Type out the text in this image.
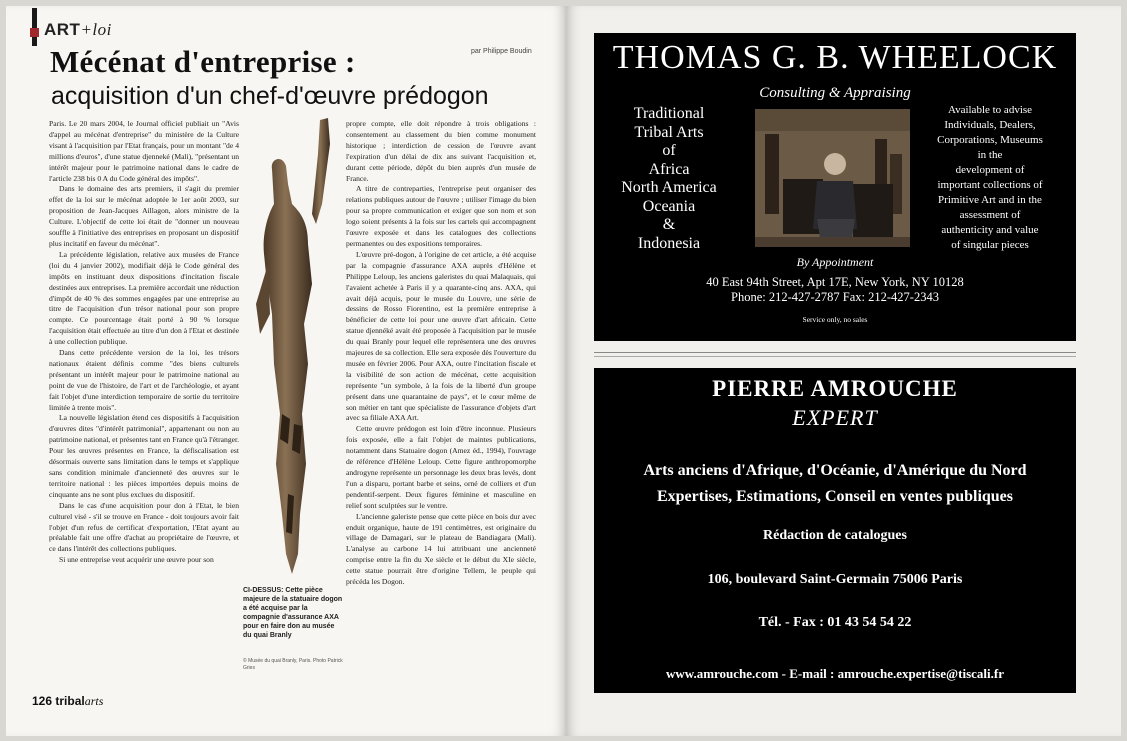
ART+loi
par Philippe Boudin
Mécénat d'entreprise :
acquisition d'un chef-d'œuvre prédogon

Paris. Le 20 mars 2004, le Journal officiel publiait un "Avis d'appel au mécénat d'entreprise" du ministère de la Culture visant à l'acquisition par l'Etat français, pour un montant "de 4 millions d'euros", d'une statue djenneké (Mali), "présentant un intérêt majeur pour le patrimoine national dans le cadre de l'article 238 bis 0 A du Code général des impôts".

Dans le domaine des arts premiers, il s'agit du premier effet de la loi sur le mécénat adoptée le 1er août 2003, sur proposition de Jean-Jacques Aillagon, alors ministre de la Culture. L'objectif de cette loi était de "donner un nouveau souffle à l'initiative des entreprises en proposant un dispositif plus incitatif en faveur du mécénat".

La précédente législation, relative aux musées de France (loi du 4 janvier 2002), modifiait déjà le Code général des impôts en instituant deux dispositions d'incitation fiscale destinées aux entreprises. La première accordait une réduction d'impôt de 40 % des sommes engagées par une entreprise au titre de l'acquisition d'un trésor national pour son propre compte. Ce pourcentage était porté à 90 % lorsque l'acquisition était effectuée au titre d'un don à l'Etat et destinée à une collection publique.

Dans cette précédente version de la loi, les trésors nationaux étaient définis comme "des biens culturels présentant un intérêt majeur pour le patrimoine national au point de vue de l'histoire, de l'art et de l'archéologie, et ayant fait l'objet d'une interdiction temporaire de sortie du territoire limitée à trente mois".

La nouvelle législation étend ces dispositifs à l'acquisition d'œuvres dites "d'intérêt patrimonial", appartenant ou non au patrimoine national, et présentes tant en France qu'à l'étranger. Pour les œuvres présentes en France, la défiscalisation est désormais ouverte sans limitation dans le temps et s'applique sans condition minimale d'ancienneté des œuvres sur le territoire national : les pièces importées depuis moins de cinquante ans ne sont plus exclues du dispositif.

Dans le cas d'une acquisition pour don à l'Etat, le bien culturel visé - s'il se trouve en France - doit toujours avoir fait l'objet d'un refus de certificat d'exportation, l'Etat ayant au préalable fait une offre d'achat au propriétaire de l'œuvre, et ce dans l'intérêt des collections publiques.

Si une entreprise veut acquérir une œuvre pour son

CI-DESSUS: Cette pièce majeure de la statuaire dogon a été acquise par la compagnie d'assurance AXA pour en faire don au musée du quai Branly
© Musée du quai Branly, Paris. Photo Patrick Gries

propre compte, elle doit répondre à trois obligations : consentement au classement du bien comme monument historique ; interdiction de cession de l'œuvre avant l'expiration d'un délai de dix ans suivant l'acquisition et, durant cette période, dépôt du bien auprès d'un musée de France.

A titre de contreparties, l'entreprise peut organiser des relations publiques autour de l'œuvre ; utiliser l'image du bien pour sa propre communication et exiger que son nom et son logo soient présents à la fois sur les cartels qui accompagnent l'œuvre exposée et dans les catalogues des collections permanentes ou des expositions temporaires.

L'œuvre pré-dogon, à l'origine de cet article, a été acquise par la compagnie d'assurance AXA auprès d'Hélène et Philippe Leloup, les anciens galeristes du quai Malaquais, qui l'avaient achetée à Paris il y a quarante-cinq ans. AXA, qui avait déjà acquis, pour le musée du Louvre, une série de dessins de Rosso Fiorentino, est la première entreprise à bénéficier de cette loi pour une œuvre d'art africain. Cette statue djennéké avait été proposée à l'acquisition par le musée du quai Branly pour lequel elle représentera une des œuvres majeures de sa collection. Elle sera exposée dès l'ouverture du musée en février 2006. Pour AXA, outre l'incitation fiscale et la visibilité de son action de mécénat, cette acquisition représente "un symbole, à la fois de la liberté d'un groupe présent dans une quarantaine de pays", et le cœur même de son métier en tant que spécialiste de l'assurance d'objets d'art avec sa filiale AXA Art.

Cette œuvre prédogon est loin d'être inconnue. Plusieurs fois exposée, elle a fait l'objet de maintes publications, notamment dans Statuaire dogon (Amez éd., 1994), l'ouvrage de référence d'Hélène Leloup. Cette figure anthropomorphe androgyne représente un personnage les deux bras levés, dont l'un a disparu, portant barbe et seins, orné de colliers et d'un pendentif-serpent. Deux figures féminine et masculine en relief sont sculptées sur le ventre.

L'ancienne galeriste pense que cette pièce en bois dur avec enduit organique, haute de 191 centimètres, est originaire du village de Damagari, sur le plateau de Bandiagara (Mali). L'analyse au carbone 14 lui attribuant une ancienneté comprise entre la fin du Xe siècle et le début du XIe siècle, cette statue pourrait être d'origine Tellem, le peuple qui précéda les Dogon.

126 tribalarts
THOMAS G. B. WHEELOCK
Consulting & Appraising
Traditional
Tribal Arts
of
Africa
North America
Oceania
&
Indonesia
Available to advise
Individuals, Dealers,
Corporations, Museums
in the
development of
important collections of
Primitive Art and in the
assessment of
authenticity and value
of singular pieces
By Appointment
40 East 94th Street, Apt 17E, New York, NY 10128
Phone: 212-427-2787 Fax: 212-427-2343
Service only, no sales
PIERRE AMROUCHE
EXPERT
Arts anciens d'Afrique, d'Océanie, d'Amérique du Nord
Expertises, Estimations, Conseil en ventes publiques
Rédaction de catalogues
106, boulevard Saint-Germain 75006 Paris
Tél. - Fax : 01 43 54 54 22
www.amrouche.com - E-mail : amrouche.expertise@tiscali.fr
